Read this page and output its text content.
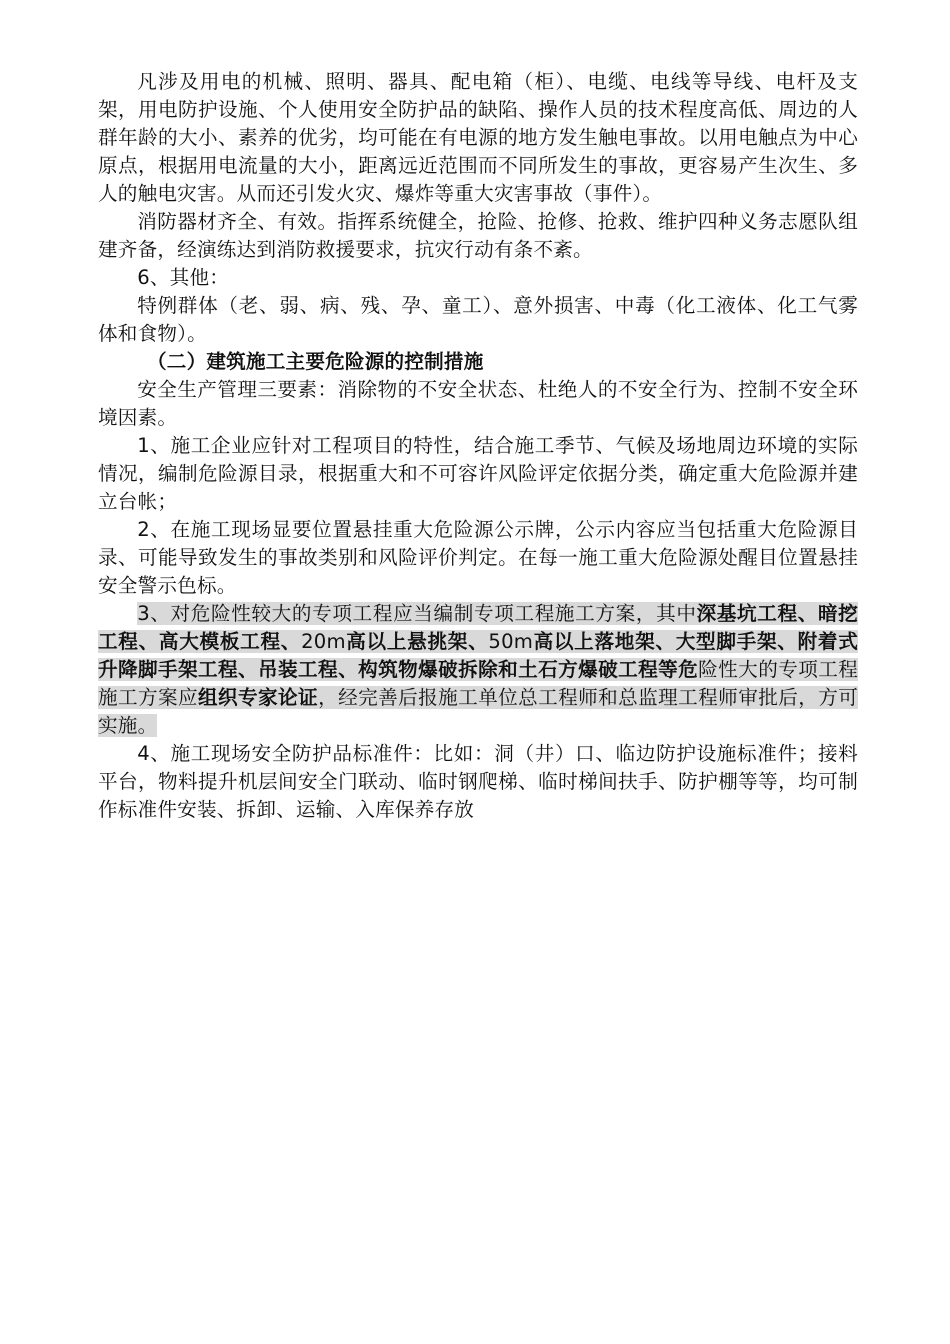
凡涉及用电的机械、照明、器具、配电箱（柜）、电缆、电线等导线、电杆及支架，用电防护设施、个人使用安全防护品的缺陷、操作人员的技术程度高低、周边的人群年龄的大小、素养的优劣，均可能在有电源的地方发生触电事故。以用电触点为中心原点，根据用电流量的大小，距离远近范围而不同所发生的事故，更容易产生次生、多人的触电灾害。从而还引发火灾、爆炸等重大灾害事故（事件）。

消防器材齐全、有效。指挥系统健全，抢险、抢修、抢救、维护四种义务志愿队组建齐备，经演练达到消防救援要求，抗灾行动有条不紊。

6、其他：

特例群体（老、弱、病、残、孕、童工）、意外损害、中毒（化工液体、化工气雾体和食物）。

（二）建筑施工主要危险源的控制措施

安全生产管理三要素：消除物的不安全状态、杜绝人的不安全行为、控制不安全环境因素。

1、施工企业应针对工程项目的特性，结合施工季节、气候及场地周边环境的实际情况，编制危险源目录，根据重大和不可容许风险评定依据分类，确定重大危险源并建立台帐；

2、在施工现场显要位置悬挂重大危险源公示牌，公示内容应当包括重大危险源目录、可能导致发生的事故类别和风险评价判定。在每一施工重大危险源处醒目位置悬挂安全警示色标。

3、对危险性较大的专项工程应当编制专项工程施工方案，其中深基坑工程、暗挖工程、高大模板工程、20m高以上悬挑架、50m高以上落地架、大型脚手架、附着式升降脚手架工程、吊装工程、构筑物爆破拆除和土石方爆破工程等危险性大的专项工程施工方案应组织专家论证，经完善后报施工单位总工程师和总监理工程师审批后，方可实施。

4、施工现场安全防护品标准件：比如：洞（井）口、临边防护设施标准件；接料平台，物料提升机层间安全门联动、临时钢爬梯、临时梯间扶手、防护棚等等，均可制作标准件安装、拆卸、运输、入库保养存放
